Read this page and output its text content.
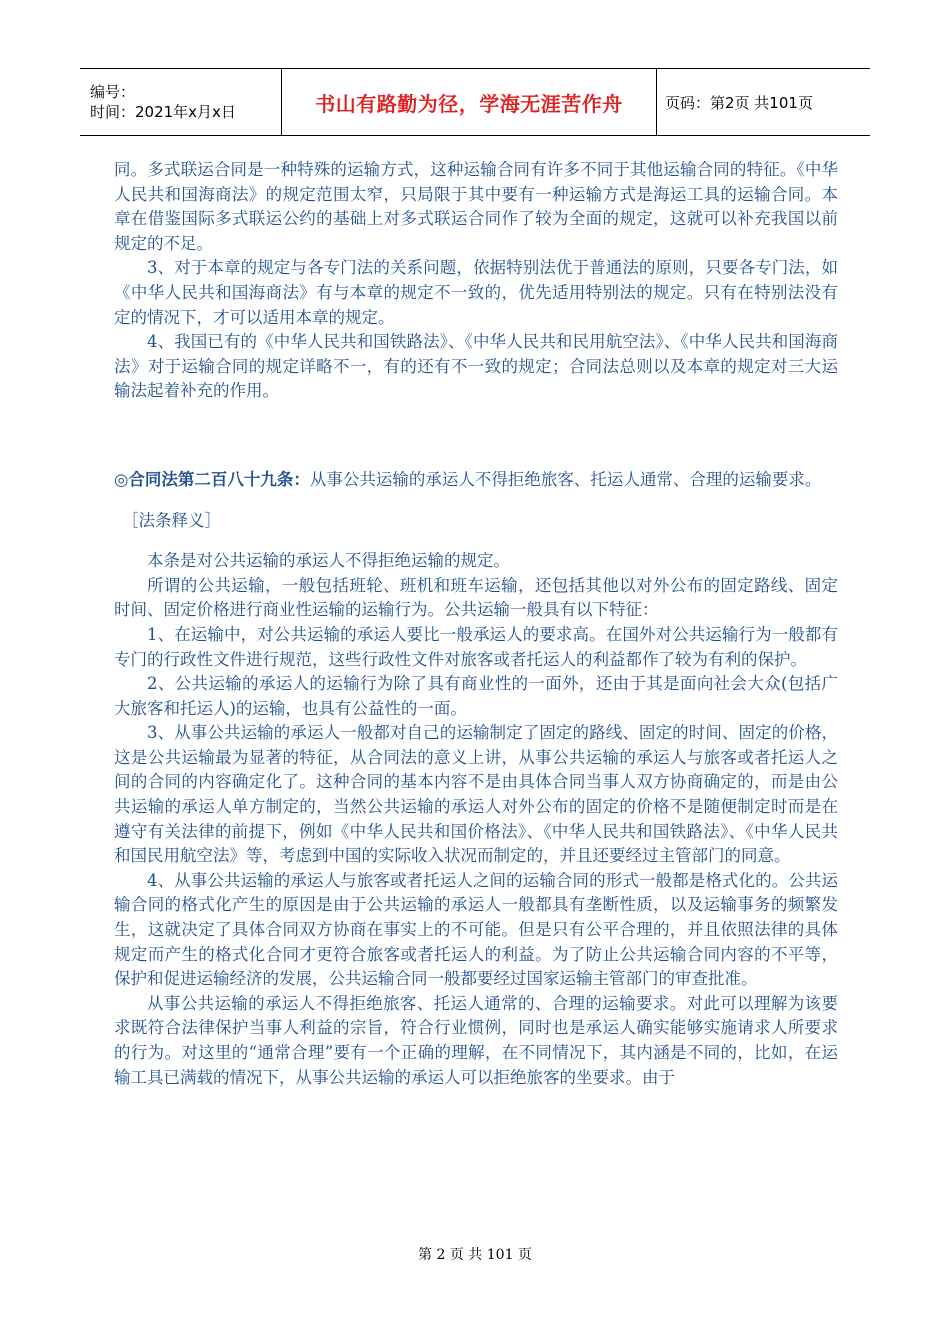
编号：
时间：2021年x月x日	书山有路勤为径，学海无涯苦作舟	页码：第2页 共101页

同。多式联运合同是一种特殊的运输方式，这种运输合同有许多不同于其他运输合同的特征。《中华人民共和国海商法》的规定范围太窄，只局限于其中要有一种运输方式是海运工具的运输合同。本章在借鉴国际多式联运公约的基础上对多式联运合同作了较为全面的规定，这就可以补充我国以前规定的不足。

3、对于本章的规定与各专门法的关系问题，依据特别法优于普通法的原则，只要各专门法，如《中华人民共和国海商法》有与本章的规定不一致的，优先适用特别法的规定。只有在特别法没有定的情况下，才可以适用本章的规定。

4、我国已有的《中华人民共和国铁路法》、《中华人民共和民用航空法》、《中华人民共和国海商法》对于运输合同的规定详略不一，有的还有不一致的规定；合同法总则以及本章的规定对三大运输法起着补充的作用。

◎合同法第二百八十九条：从事公共运输的承运人不得拒绝旅客、托运人通常、合理的运输要求。

［法条释义］

本条是对公共运输的承运人不得拒绝运输的规定。

所谓的公共运输，一般包括班轮、班机和班车运输，还包括其他以对外公布的固定路线、固定时间、固定价格进行商业性运输的运输行为。公共运输一般具有以下特征：

1、在运输中，对公共运输的承运人要比一般承运人的要求高。在国外对公共运输行为一般都有专门的行政性文件进行规范，这些行政性文件对旅客或者托运人的利益都作了较为有利的保护。

2、公共运输的承运人的运输行为除了具有商业性的一面外，还由于其是面向社会大众(包括广大旅客和托运人)的运输，也具有公益性的一面。

3、从事公共运输的承运人一般都对自己的运输制定了固定的路线、固定的时间、固定的价格，这是公共运输最为显著的特征，从合同法的意义上讲，从事公共运输的承运人与旅客或者托运人之间的合同的内容确定化了。这种合同的基本内容不是由具体合同当事人双方协商确定的，而是由公共运输的承运人单方制定的，当然公共运输的承运人对外公布的固定的价格不是随便制定时而是在遵守有关法律的前提下，例如《中华人民共和国价格法》、《中华人民共和国铁路法》、《中华人民共和国民用航空法》等，考虑到中国的实际收入状况而制定的，并且还要经过主管部门的同意。

4、从事公共运输的承运人与旅客或者托运人之间的运输合同的形式一般都是格式化的。公共运输合同的格式化产生的原因是由于公共运输的承运人一般都具有垄断性质，以及运输事务的频繁发生，这就决定了具体合同双方协商在事实上的不可能。但是只有公平合理的，并且依照法律的具体规定而产生的格式化合同才更符合旅客或者托运人的利益。为了防止公共运输合同内容的不平等，保护和促进运输经济的发展，公共运输合同一般都要经过国家运输主管部门的审查批准。

从事公共运输的承运人不得拒绝旅客、托运人通常的、合理的运输要求。对此可以理解为该要求既符合法律保护当事人利益的宗旨，符合行业惯例，同时也是承运人确实能够实施请求人所要求的行为。对这里的“通常合理”要有一个正确的理解，在不同情况下，其内涵是不同的，比如，在运输工具已满载的情况下，从事公共运输的承运人可以拒绝旅客的坐要求。由于

第 2 页 共 101 页
